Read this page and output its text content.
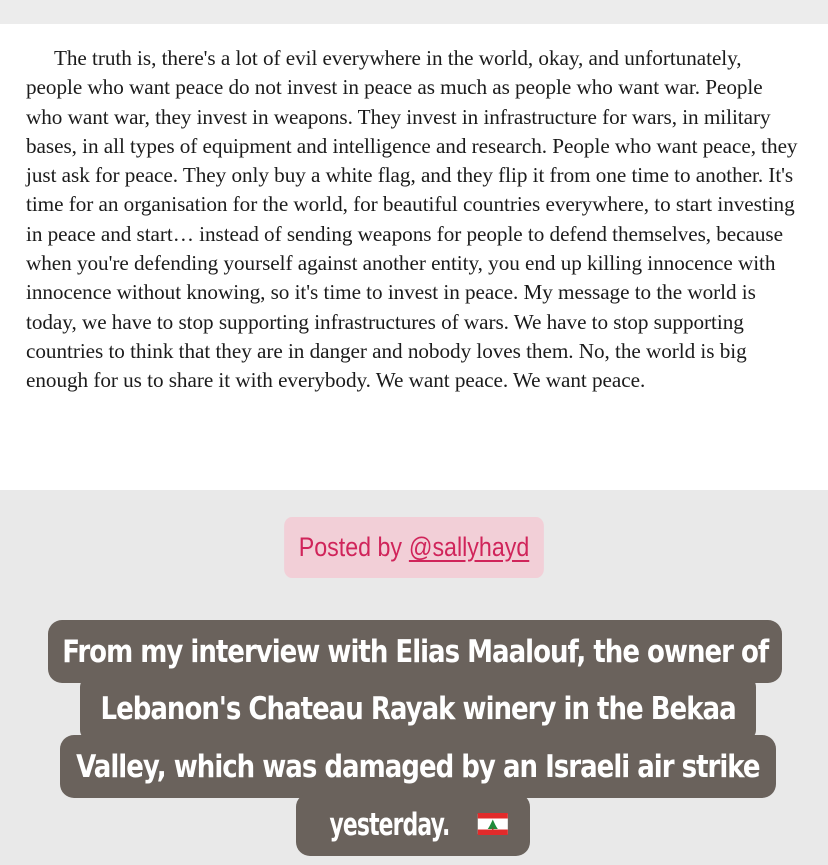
The truth is, there's a lot of evil everywhere in the world, okay, and unfortunately, people who want peace do not invest in peace as much as people who want war. People who want war, they invest in weapons. They invest in infrastructure for wars, in military bases, in all types of equipment and intelligence and research. People who want peace, they just ask for peace. They only buy a white flag, and they flip it from one time to another. It's time for an organisation for the world, for beautiful countries everywhere, to start investing in peace and start… instead of sending weapons for people to defend themselves, because when you're defending yourself against another entity, you end up killing innocence with innocence without knowing, so it's time to invest in peace. My message to the world is today, we have to stop supporting infrastructures of wars. We have to stop supporting countries to think that they are in danger and nobody loves them. No, the world is big enough for us to share it with everybody. We want peace. We want peace.

Posted by @sallyhayd
From my interview with Elias Maalouf, the owner of
Lebanon's Chateau Rayak winery in the Bekaa
Valley, which was damaged by an Israeli air strike
yesterday.
